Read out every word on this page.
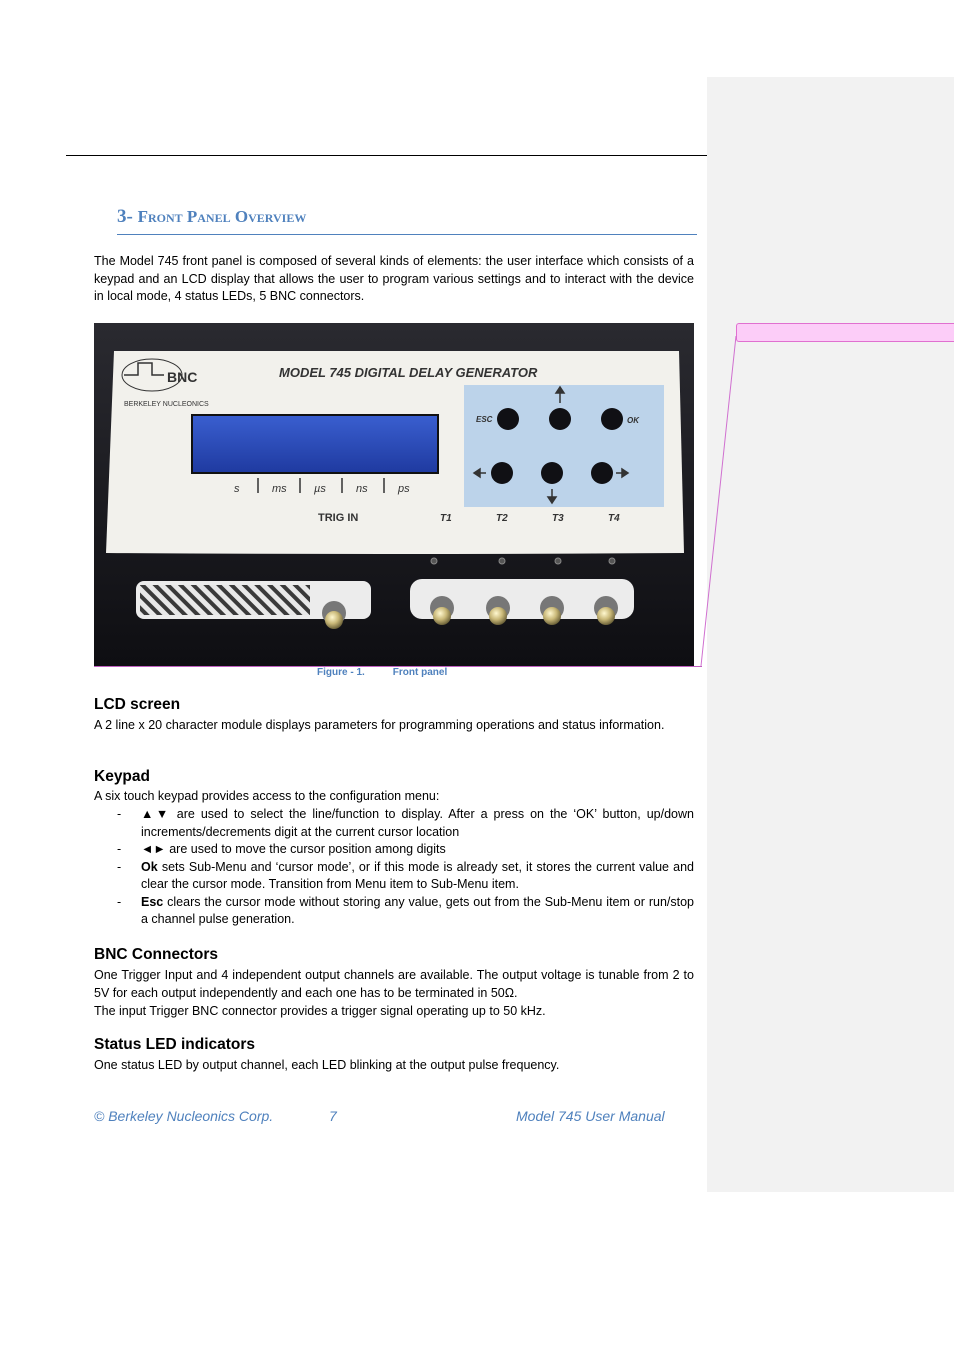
3- Front Panel Overview
The Model 745 front panel is composed of several kinds of elements: the user interface which consists of a keypad and an LCD display that allows the user to program various settings and to interact with the device in local mode, 4 status LEDs, 5 BNC connectors.
BNC
BERKELEY NUCLEONICS
MODEL 745 DIGITAL DELAY GENERATOR
s	ms µs	ns	ps
TRIG IN	T1	T2	T3	T4
ESC	OK
Figure - 1.	Front panel
LCD screen
A 2 line x 20 character module displays parameters for programming operations and status information.
Keypad
A six touch keypad provides access to the configuration menu:
- ▲▼ are used to select the line/function to display. After a press on the ‘OK’ button, up/down increments/decrements digit at the current cursor location
- ◄► are used to move the cursor position among digits
- Ok sets Sub-Menu and ‘cursor mode’, or if this mode is already set, it stores the current value and clear the cursor mode. Transition from Menu item to Sub-Menu item.
- Esc clears the cursor mode without storing any value, gets out from the Sub-Menu item or run/stop a channel pulse generation.
BNC Connectors
One Trigger Input and 4 independent output channels are available. The output voltage is tunable from 2 to 5V for each output independently and each one has to be terminated in 50Ω.
The input Trigger BNC connector provides a trigger signal operating up to 50 kHz.
Status LED indicators
One status LED by output channel, each LED blinking at the output pulse frequency.
© Berkeley Nucleonics Corp.	7	Model 745 User Manual
